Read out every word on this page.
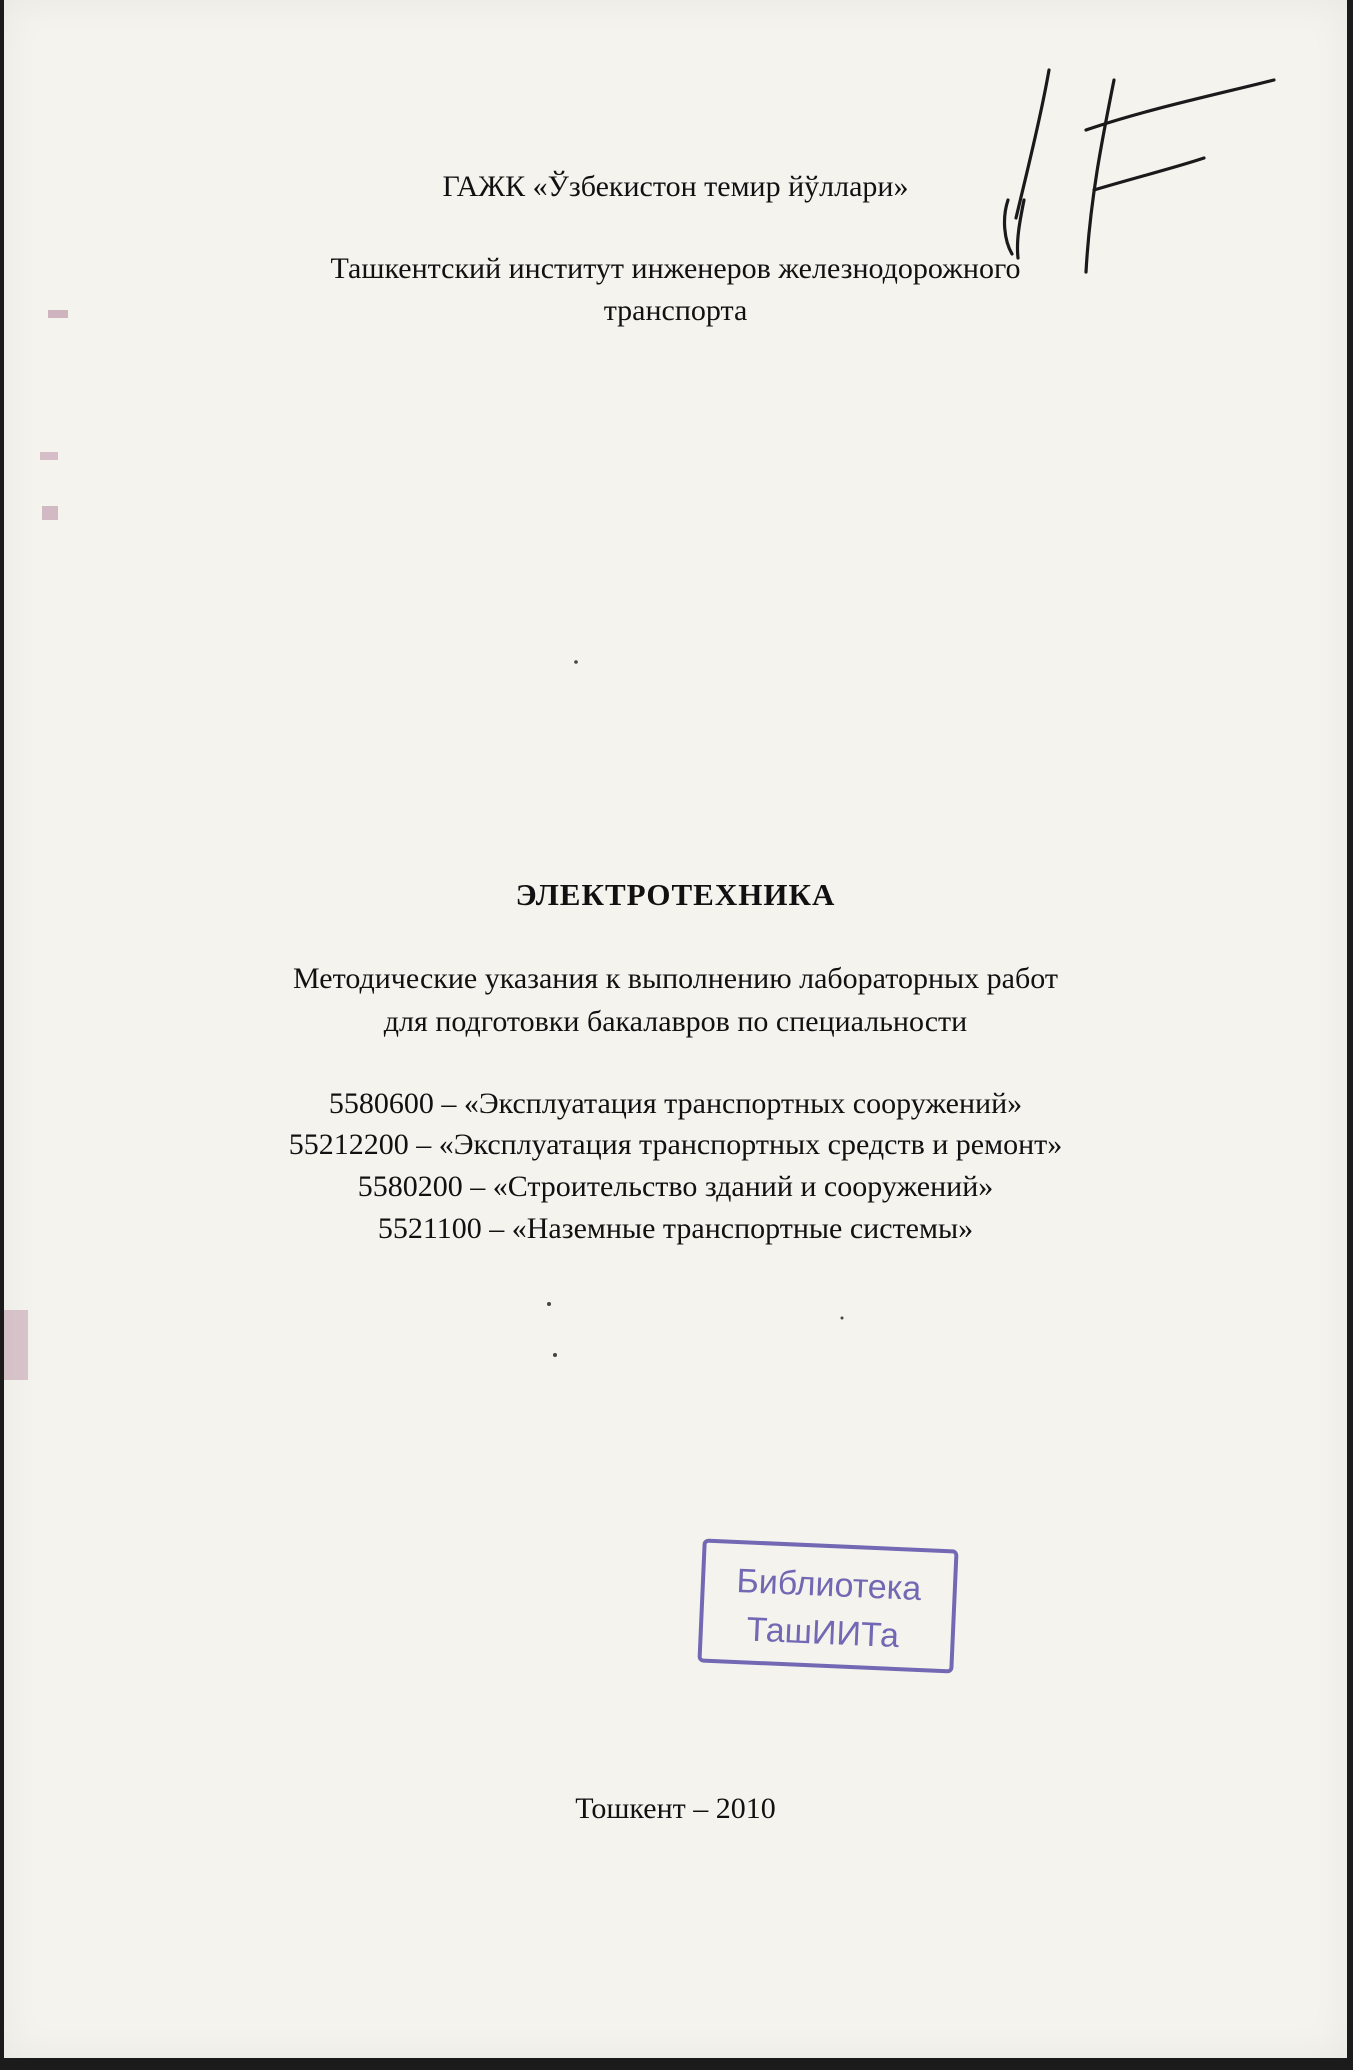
ГАЖК «Ўзбекистон темир йўллари»
Ташкентский институт инженеров железнодорожного
транспорта
ЭЛЕКТРОТЕХНИКА
Методические указания к выполнению лабораторных работ
для подготовки бакалавров по специальности
5580600 – «Эксплуатация транспортных сооружений»
55212200 – «Эксплуатация транспортных средств и ремонт»
5580200 – «Строительство зданий и сооружений»
5521100 – «Наземные транспортные системы»
Тошкент – 2010
Библиотека
ТашИИТа
